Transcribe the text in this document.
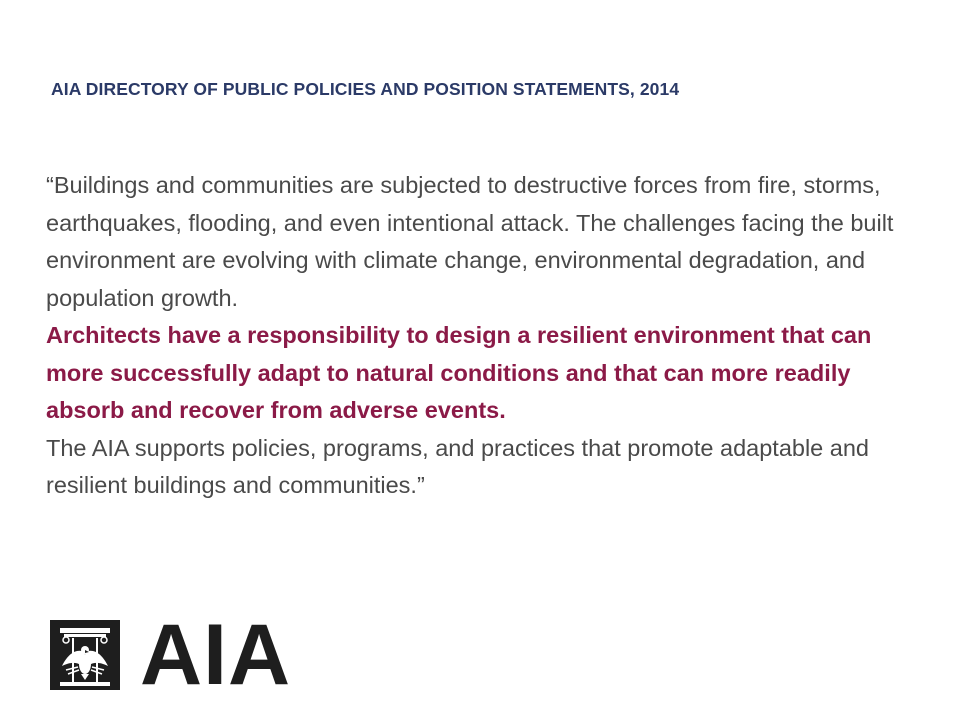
AIA DIRECTORY OF PUBLIC POLICIES AND POSITION STATEMENTS, 2014

“Buildings and communities are subjected to destructive forces from fire, storms, earthquakes, flooding, and even intentional attack. The challenges facing the built environment are evolving with climate change, environmental degradation, and population growth.
Architects have a responsibility to design a resilient environment that can more successfully adapt to natural conditions and that can more readily absorb and recover from adverse events.
The AIA supports policies, programs, and practices that promote adaptable and resilient buildings and communities.”

AIA
